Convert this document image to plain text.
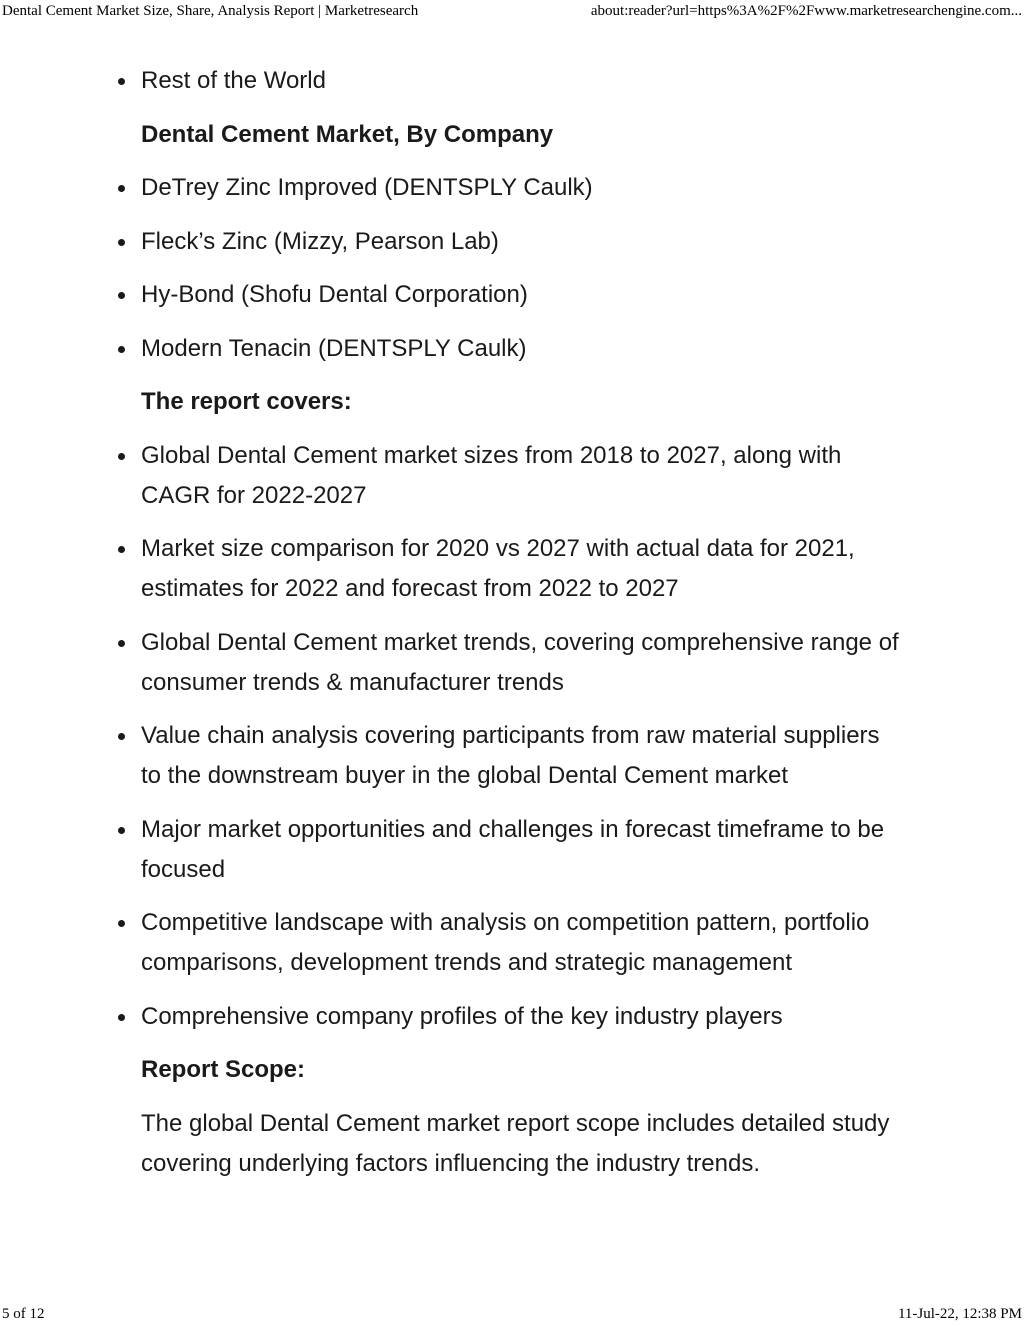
Dental Cement Market Size, Share, Analysis Report | Marketresearch	about:reader?url=https%3A%2F%2Fwww.marketresearchengine.com...
Rest of the World
Dental Cement Market, By Company
DeTrey Zinc Improved (DENTSPLY Caulk)
Fleck’s Zinc (Mizzy, Pearson Lab)
Hy-Bond (Shofu Dental Corporation)
Modern Tenacin (DENTSPLY Caulk)
The report covers:
Global Dental Cement market sizes from 2018 to 2027, along with CAGR for 2022-2027
Market size comparison for 2020 vs 2027 with actual data for 2021, estimates for 2022 and forecast from 2022 to 2027
Global Dental Cement market trends, covering comprehensive range of consumer trends & manufacturer trends
Value chain analysis covering participants from raw material suppliers to the downstream buyer in the global Dental Cement market
Major market opportunities and challenges in forecast timeframe to be focused
Competitive landscape with analysis on competition pattern, portfolio comparisons, development trends and strategic management
Comprehensive company profiles of the key industry players
Report Scope:

The global Dental Cement market report scope includes detailed study covering underlying factors influencing the industry trends.

5 of 12	11-Jul-22, 12:38 PM
